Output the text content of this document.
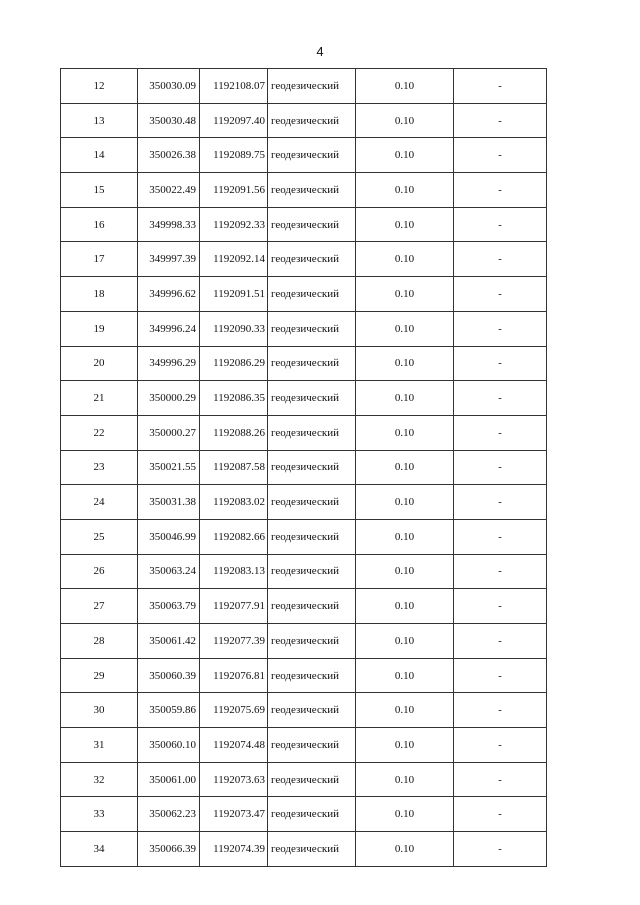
4
12	350030.09	1192108.07	геодезический	0.10	-
13	350030.48	1192097.40	геодезический	0.10	-
14	350026.38	1192089.75	геодезический	0.10	-
15	350022.49	1192091.56	геодезический	0.10	-
16	349998.33	1192092.33	геодезический	0.10	-
17	349997.39	1192092.14	геодезический	0.10	-
18	349996.62	1192091.51	геодезический	0.10	-
19	349996.24	1192090.33	геодезический	0.10	-
20	349996.29	1192086.29	геодезический	0.10	-
21	350000.29	1192086.35	геодезический	0.10	-
22	350000.27	1192088.26	геодезический	0.10	-
23	350021.55	1192087.58	геодезический	0.10	-
24	350031.38	1192083.02	геодезический	0.10	-
25	350046.99	1192082.66	геодезический	0.10	-
26	350063.24	1192083.13	геодезический	0.10	-
27	350063.79	1192077.91	геодезический	0.10	-
28	350061.42	1192077.39	геодезический	0.10	-
29	350060.39	1192076.81	геодезический	0.10	-
30	350059.86	1192075.69	геодезический	0.10	-
31	350060.10	1192074.48	геодезический	0.10	-
32	350061.00	1192073.63	геодезический	0.10	-
33	350062.23	1192073.47	геодезический	0.10	-
34	350066.39	1192074.39	геодезический	0.10	-
